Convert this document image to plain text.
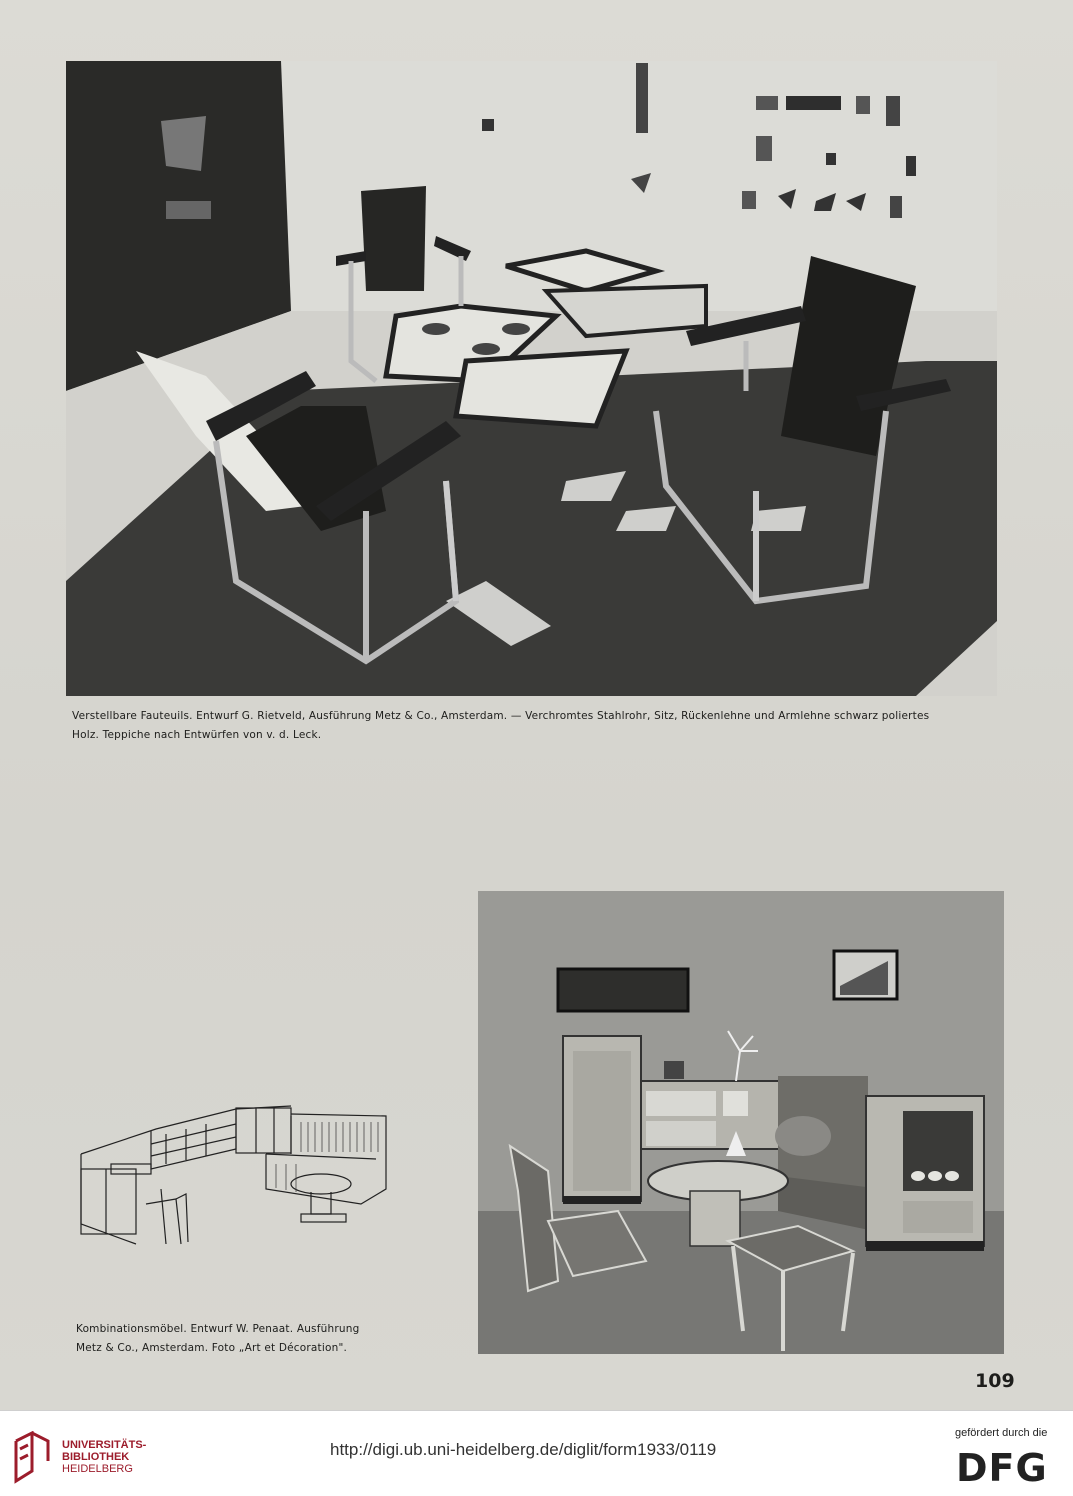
Verstellbare Fauteuils. Entwurf G. Rietveld, Ausführung Metz & Co., Amsterdam. — Verchromtes Stahlrohr, Sitz, Rückenlehne und Armlehne schwarz poliertes
Holz. Teppiche nach Entwürfen von v. d. Leck.
Kombinationsmöbel. Entwurf W. Penaat. Ausführung
Metz & Co., Amsterdam. Foto „Art et Décoration".
109
UNIVERSITÄTS-
BIBLIOTHEK
HEIDELBERG
http://digi.ub.uni-heidelberg.de/diglit/form1933/0119
gefördert durch die
DFG
